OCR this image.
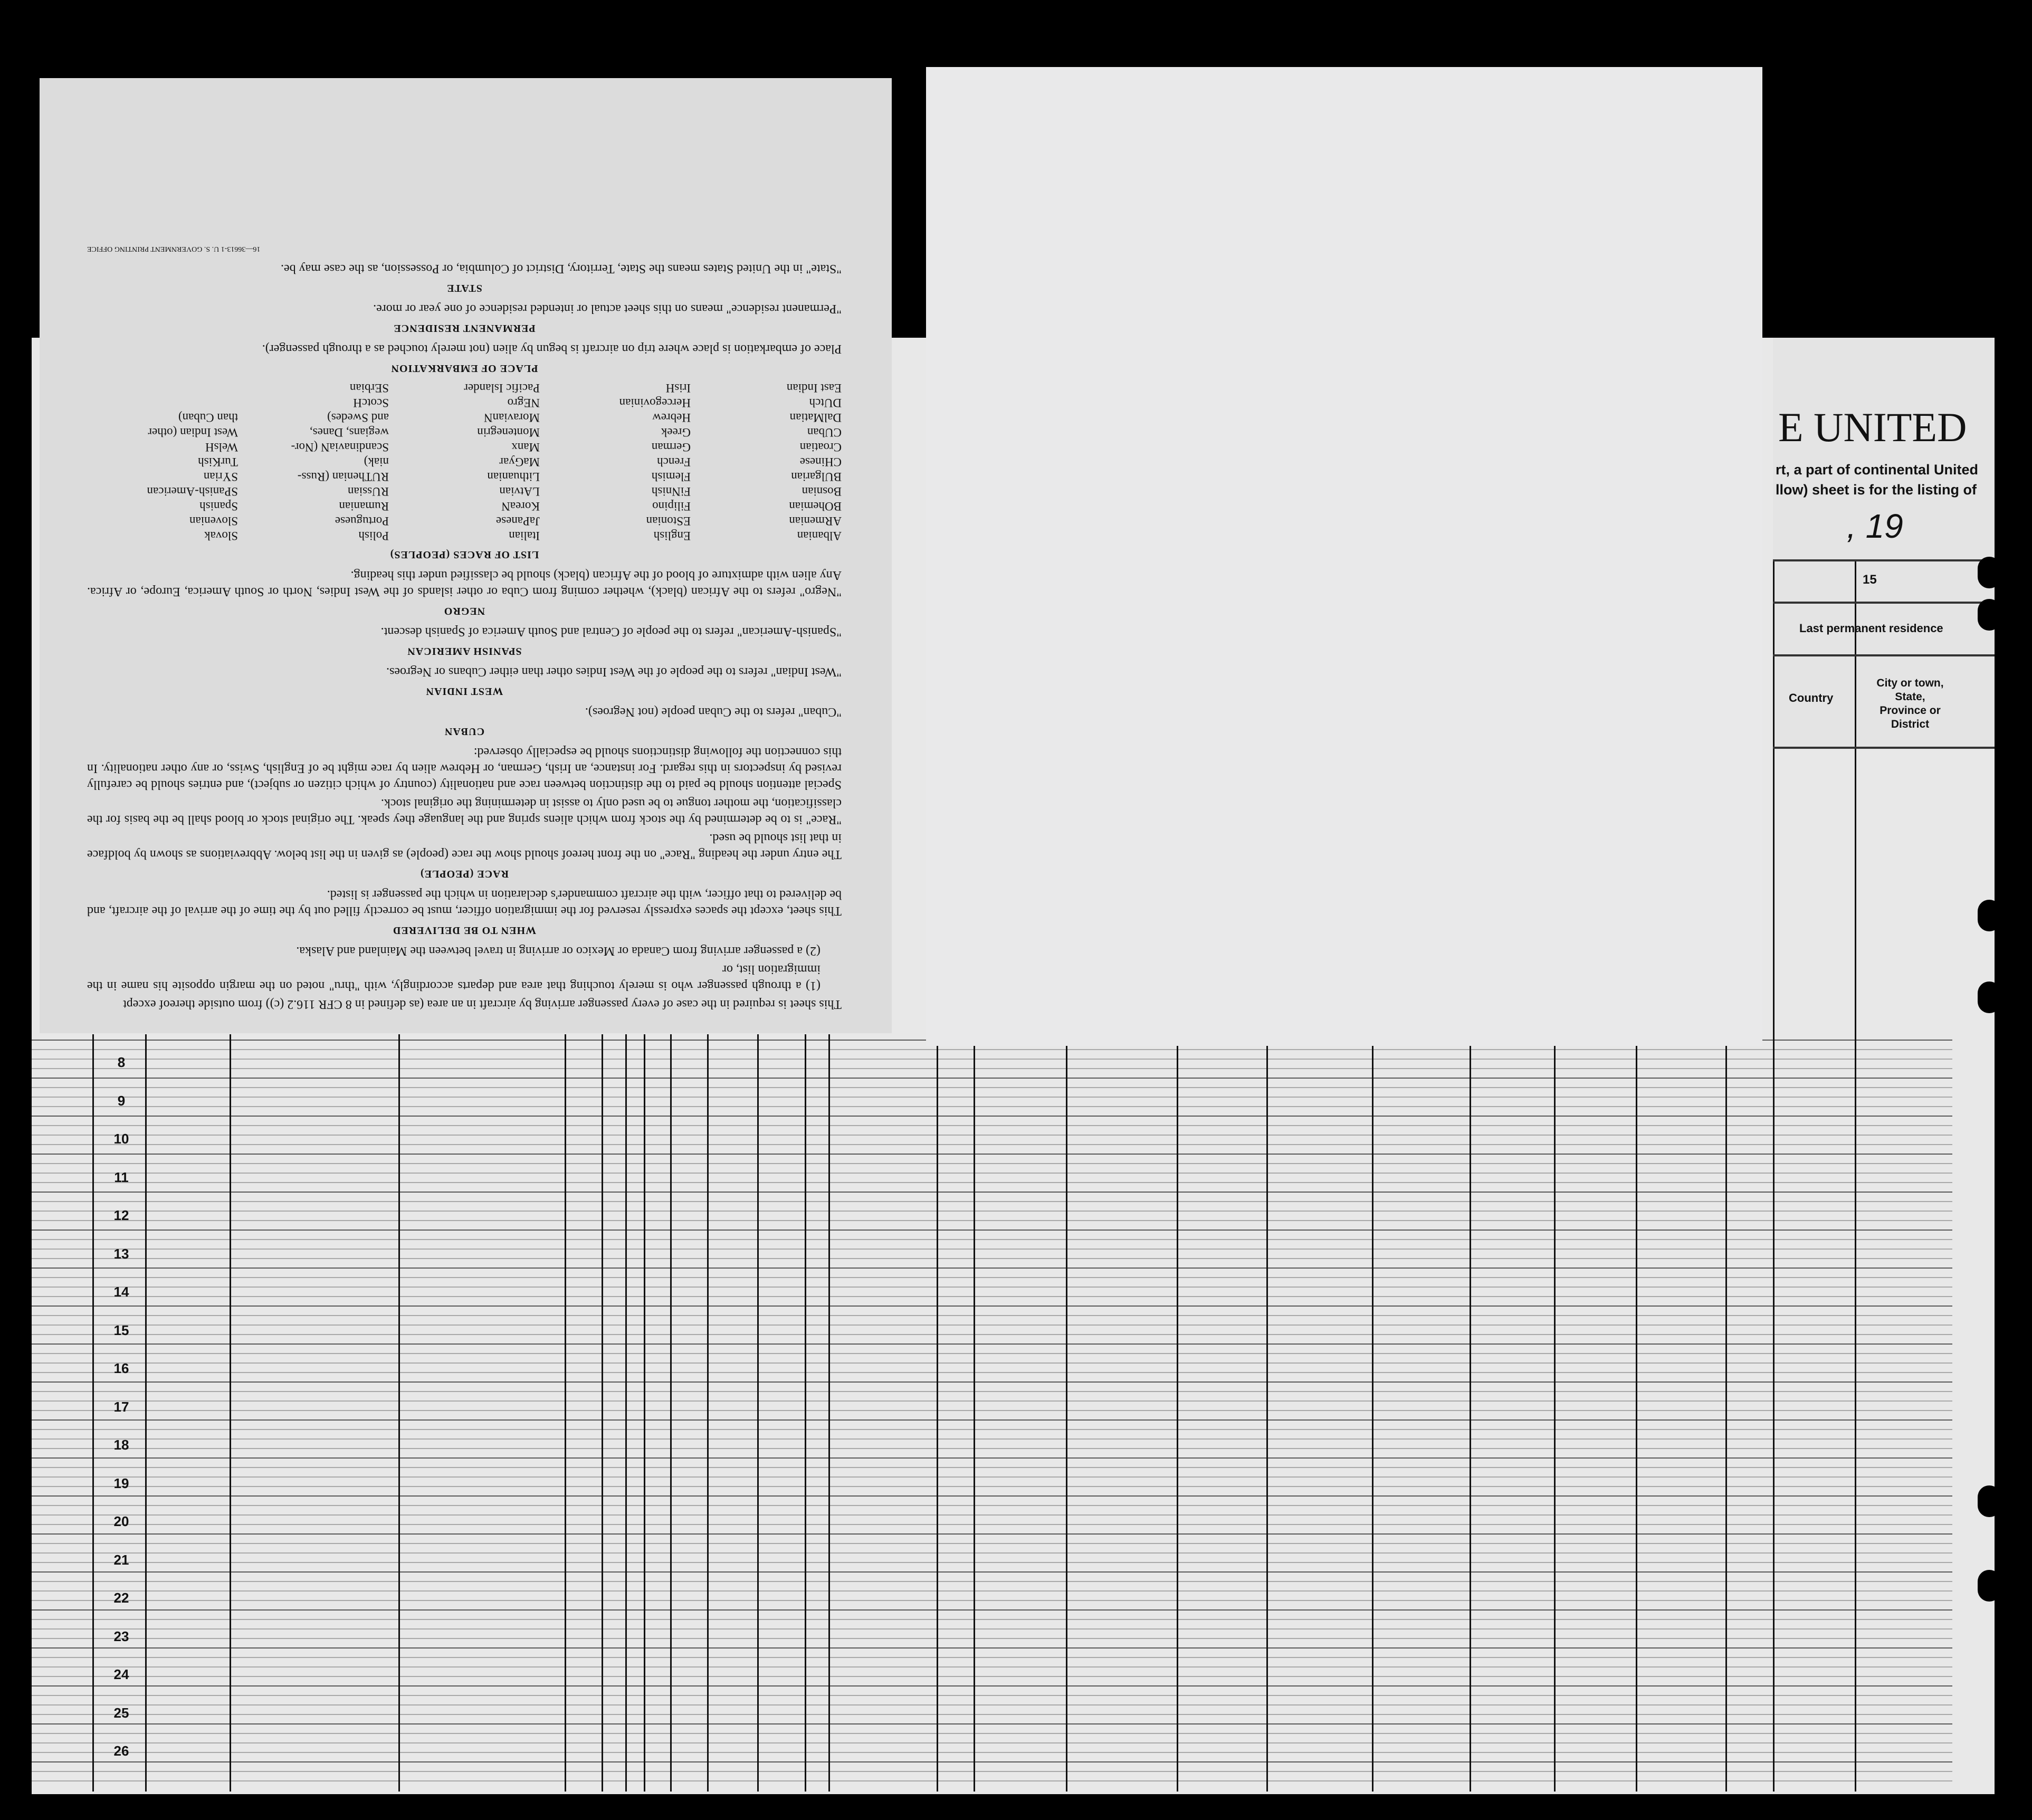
8
9
10
11
12
13
14
15
16
17
18
19
20
21
22
23
24
25
26
E UNITED
rt, a part of continental United
llow) sheet is for the listing of
, 19
15
Last permanent residence
Country
City or town, State, Province or District

This sheet is required in the case of every passenger arriving by aircraft in an area (as defined in 8 CFR 116.2 (c)) from outside thereof except

(1) a through passenger who is merely touching that area and departs accordingly, with "thru" noted on the margin opposite his name in the immigration list, or

(2) a passenger arriving from Canada or Mexico or arriving in travel between the Mainland and Alaska.

WHEN TO BE DELIVERED

This sheet, except the spaces expressly reserved for the immigration officer, must be correctly filled out by the time of the arrival of the aircraft, and be delivered to that officer, with the aircraft commander's declaration in which the passenger is listed.

RACE (PEOPLE)

The entry under the heading "Race" on the front hereof should show the race (people) as given in the list below. Abbreviations as shown by boldface in that list should be used.

"Race" is to be determined by the stock from which aliens spring and the language they speak. The original stock or blood shall be the basis for the classification, the mother tongue to be used only to assist in determining the original stock.

Special attention should be paid to the distinction between race and nationality (country of which citizen or subject), and entries should be carefully revised by inspectors in this regard. For instance, an Irish, German, or Hebrew alien by race might be of English, Swiss, or any other nationality. In this connection the following distinctions should be especially observed:

CUBAN

"Cuban" refers to the Cuban people (not Negroes).

WEST INDIAN

"West Indian" refers to the people of the West Indies other than either Cubans or Negroes.

SPANISH AMERICAN

"Spanish-American" refers to the people of Central and South America of Spanish descent.

NEGRO

"Negro" refers to the African (black), whether coming from Cuba or other islands of the West Indies, North or South America, Europe, or Africa. Any alien with admixture of blood of the African (black) should be classified under this heading.

LIST OF RACES (PEOPLES)
Albanian
English
Italian
Polish
Slovak
ARmenian
EStonian
JaPanese
Portuguese
Slovenian
BOhemian
Filipino
KoreaN
Rumanian
Spanish
Bosnian
FiNnish
LAtvian
RUssian
SPanish-American
BUlgarian
Flemish
Lithuanian
RUThenian (Russ-
SYrian
CHinese
French
MaGyar
niak)
TurKish
Croatian
German
Manx
ScandinaviaN (Nor-
WelsH
CUban
Greek
Montenegrin
wegians, Danes,
West Indian (other
DalMatian
Hebrew
MoravianN
and Swedes)
than Cuban)
DUtch
Hercegovinian
NEgro
ScotcH
East Indian
IrisH
Pacific Islander
SErbian
PLACE OF EMBARKATION

Place of embarkation is place where trip on aircraft is begun by alien (not merely touched as a through passenger).

PERMANENT RESIDENCE

"Permanent residence" means on this sheet actual or intended residence of one year or more.

STATE

"State" in the United States means the State, Territory, District of Columbia, or Possession, as the case may be.

16—36613-1 U. S. GOVERNMENT PRINTING OFFICE
